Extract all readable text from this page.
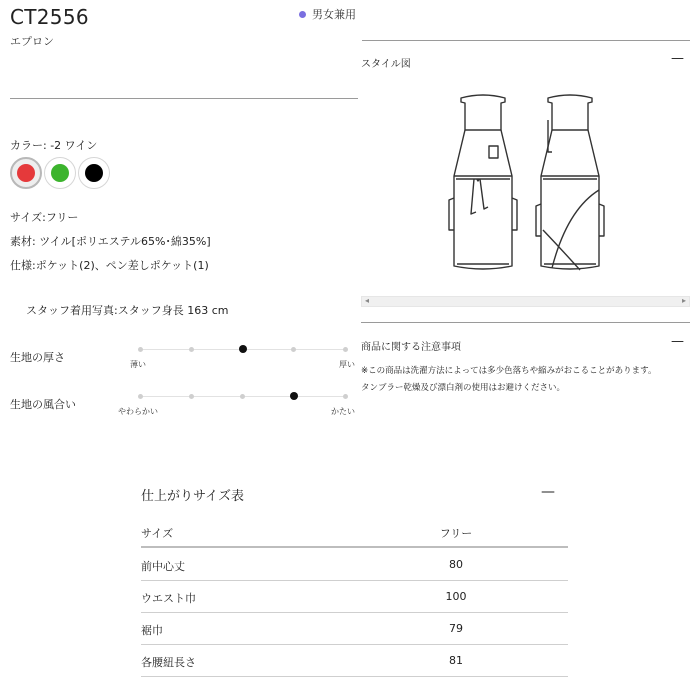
CT2556
エプロン
男女兼用
カラー: -2 ワイン
サイズ:フリー
素材: ツイル[ポリエステル65%･綿35%]
仕様:ポケット(2)、ペン差しポケット(1)
スタッフ着用写真:スタッフ身長 163 cm
生地の厚さ
薄い	厚い
生地の風合い
やわらかい	かたい
スタイル図	—
◂	▸
商品に関する注意事項	—
※この商品は洗濯方法によっては多少色落ちや縮みがおこることがあります。
タンブラー乾燥及び漂白剤の使用はお避けください。
仕上がりサイズ表	—
サイズ	フリー
前中心丈	80
ウエスト巾	100
裾巾	79
各腰紐長さ	81
